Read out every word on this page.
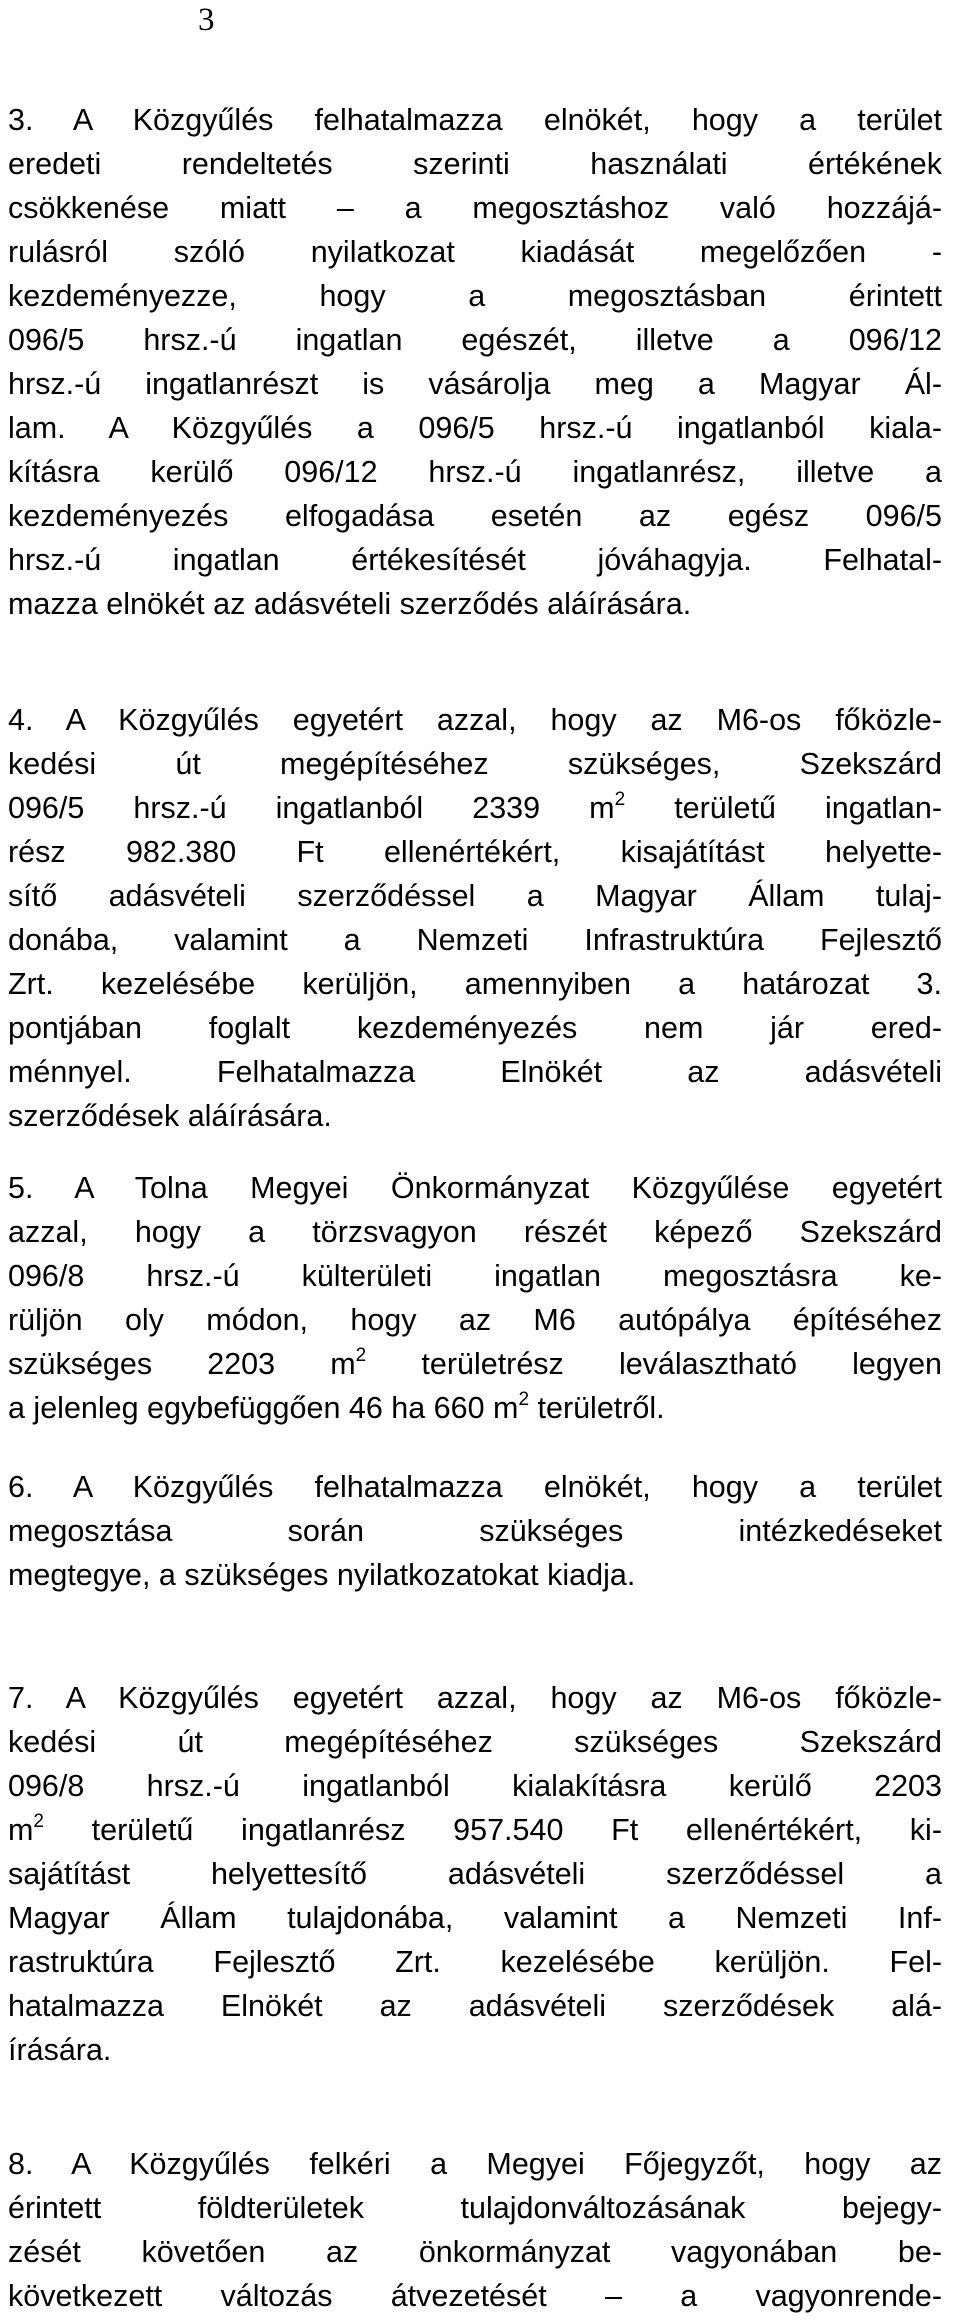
3
3. A Közgyűlés felhatalmazza elnökét, hogy a terület
eredeti rendeltetés szerinti használati értékének
csökkenése miatt – a megosztáshoz való hozzájá-
rulásról szóló nyilatkozat kiadását megelőzően -
kezdeményezze, hogy a megosztásban érintett
096/5 hrsz.-ú ingatlan egészét, illetve a 096/12
hrsz.-ú ingatlanrészt is vásárolja meg a Magyar Ál-
lam. A Közgyűlés a 096/5 hrsz.-ú ingatlanból kiala-
kításra kerülő 096/12 hrsz.-ú ingatlanrész, illetve a
kezdeményezés elfogadása esetén az egész 096/5
hrsz.-ú ingatlan értékesítését jóváhagyja. Felhatal-
mazza elnökét az adásvételi szerződés aláírására.
4. A Közgyűlés egyetért azzal, hogy az M6-os főközle-
kedési út megépítéséhez szükséges, Szekszárd
096/5 hrsz.-ú ingatlanból 2339 $m^2$ területű ingatlan-
rész 982.380 Ft ellenértékért, kisajátítást helyette-
sítő adásvételi szerződéssel a Magyar Állam tulaj-
donába, valamint a Nemzeti Infrastruktúra Fejlesztő
Zrt. kezelésébe kerüljön, amennyiben a határozat 3.
pontjában foglalt kezdeményezés nem jár ered-
ménnyel. Felhatalmazza Elnökét az adásvételi
szerződések aláírására.
5. A Tolna Megyei Önkormányzat Közgyűlése egyetért
azzal, hogy a törzsvagyon részét képező Szekszárd
096/8 hrsz.-ú külterületi ingatlan megosztásra ke-
rüljön oly módon, hogy az M6 autópálya építéséhez
szükséges 2203 $m^2$ területrész leválasztható legyen
a jelenleg egybefüggően 46 ha 660 $m^2$ területről.
6. A Közgyűlés felhatalmazza elnökét, hogy a terület
megosztása során szükséges intézkedéseket
megtegye, a szükséges nyilatkozatokat kiadja.
7. A Közgyűlés egyetért azzal, hogy az M6-os főközle-
kedési út megépítéséhez szükséges Szekszárd
096/8 hrsz.-ú ingatlanból kialakításra kerülő 2203
$m^2$ területű ingatlanrész 957.540 Ft ellenértékért, ki-
sajátítást helyettesítő adásvételi szerződéssel a
Magyar Állam tulajdonába, valamint a Nemzeti Inf-
rastruktúra Fejlesztő Zrt. kezelésébe kerüljön. Fel-
hatalmazza Elnökét az adásvételi szerződések alá-
írására.
8. A Közgyűlés felkéri a Megyei Főjegyzőt, hogy az
érintett földterületek tulajdonváltozásának bejegy-
zését követően az önkormányzat vagyonában be-
következett változás átvezetését – a vagyonrende-
